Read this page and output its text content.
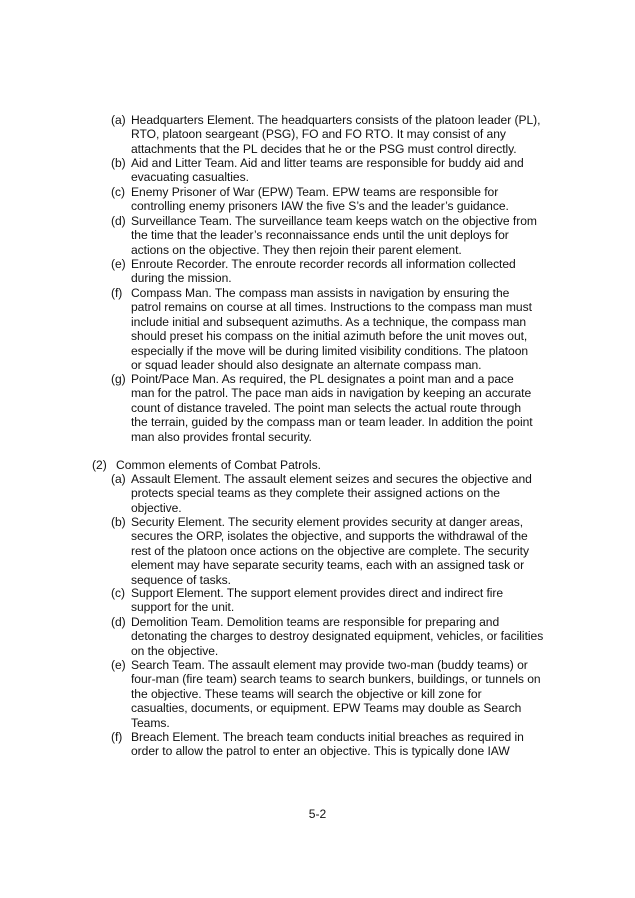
(a) Headquarters Element. The headquarters consists of the platoon leader (PL),
RTO, platoon seargeant (PSG), FO and FO RTO. It may consist of any
attachments that the PL decides that he or the PSG must control directly.
(b) Aid and Litter Team. Aid and litter teams are responsible for buddy aid and
evacuating casualties.
(c) Enemy Prisoner of War (EPW) Team. EPW teams are responsible for
controlling enemy prisoners IAW the five S’s and the leader’s guidance.
(d) Surveillance Team. The surveillance team keeps watch on the objective from
the time that the leader’s reconnaissance ends until the unit deploys for
actions on the objective. They then rejoin their parent element.
(e) Enroute Recorder. The enroute recorder records all information collected
during the mission.
(f) Compass Man. The compass man assists in navigation by ensuring the
patrol remains on course at all times. Instructions to the compass man must
include initial and subsequent azimuths. As a technique, the compass man
should preset his compass on the initial azimuth before the unit moves out,
especially if the move will be during limited visibility conditions. The platoon
or squad leader should also designate an alternate compass man.
(g) Point/Pace Man. As required, the PL designates a point man and a pace
man for the patrol. The pace man aids in navigation by keeping an accurate
count of distance traveled. The point man selects the actual route through
the terrain, guided by the compass man or team leader. In addition the point
man also provides frontal security.
(2) Common elements of Combat Patrols.
(a) Assault Element. The assault element seizes and secures the objective and
protects special teams as they complete their assigned actions on the
objective.
(b) Security Element. The security element provides security at danger areas,
secures the ORP, isolates the objective, and supports the withdrawal of the
rest of the platoon once actions on the objective are complete. The security
element may have separate security teams, each with an assigned task or
sequence of tasks.
(c) Support Element. The support element provides direct and indirect fire
support for the unit.
(d) Demolition Team. Demolition teams are responsible for preparing and
detonating the charges to destroy designated equipment, vehicles, or facilities
on the objective.
(e) Search Team. The assault element may provide two-man (buddy teams) or
four-man (fire team) search teams to search bunkers, buildings, or tunnels on
the objective. These teams will search the objective or kill zone for
casualties, documents, or equipment. EPW Teams may double as Search
Teams.
(f) Breach Element. The breach team conducts initial breaches as required in
order to allow the patrol to enter an objective. This is typically done IAW
5-2
